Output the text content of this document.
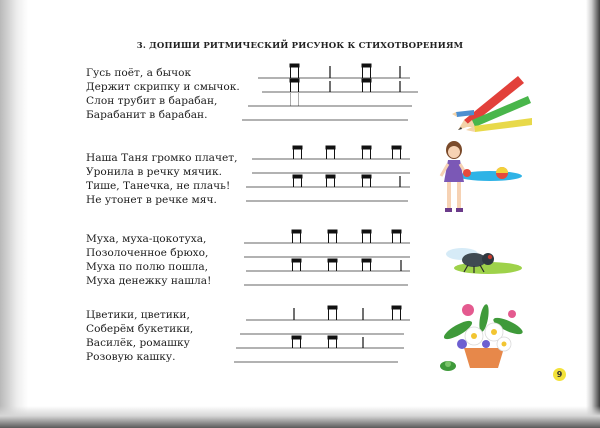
3. ДОПИШИ РИТМИЧЕСКИЙ РИСУНОК К СТИХОТВОРЕНИЯМ
Гусь поёт, а бычок
Держит скрипку и смычок.
Слон трубит в барабан,
Барабанит в барабан.
Наша Таня громко плачет,
Уронила в речку мячик.
Тише, Танечка, не плачь!
Не утонет в речке мяч.
Муха, муха-цокотуха,
Позолоченное брюхо,
Муха по полю пошла,
Муха денежку нашла!
Цветики, цветики,
Соберём букетики,
Василёк, ромашку
Розовую кашку.
9
